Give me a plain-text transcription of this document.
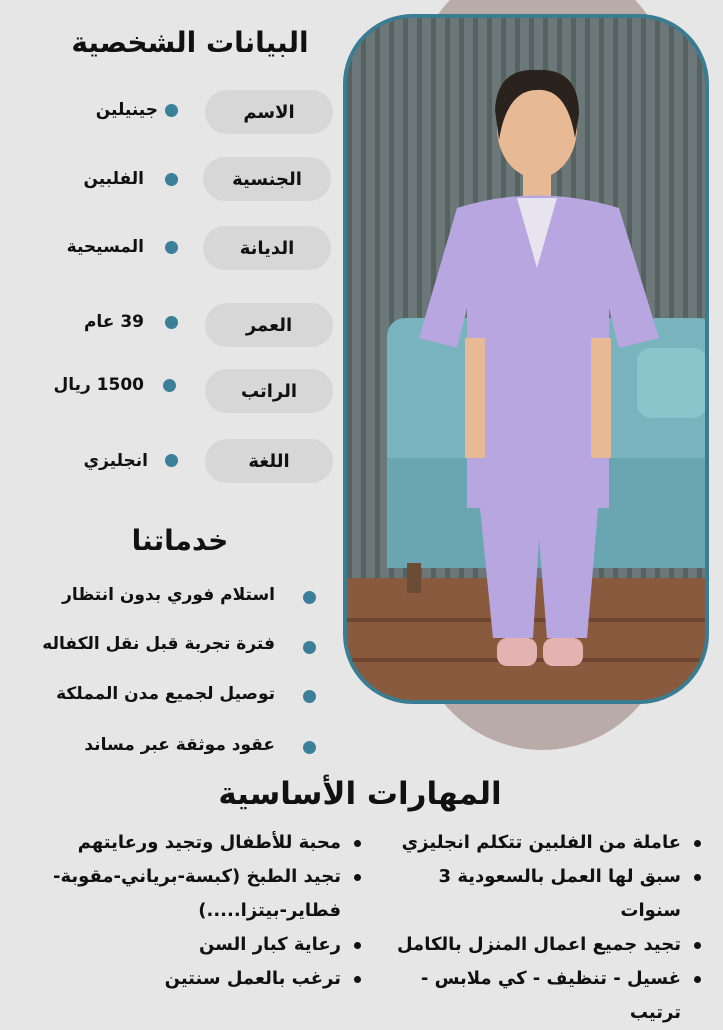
البيانات الشخصية
الاسم
جينيلين
الجنسية
الفلبين
الديانة
المسيحية
العمر
39 عام
الراتب
1500 ريال
اللغة
انجليزي
خدماتنا
استلام فوري بدون انتظار
فترة تجربة قبل نقل الكفاله
توصيل لجميع مدن المملكة
عقود موثقة عبر مساند
المهارات الأساسية
عاملة من الفلبين تتكلم انجليزي
سبق لها العمل بالسعودية 3 سنوات
تجيد جميع اعمال المنزل بالكامل
غسيل - تنظيف - كي ملابس - ترتيب
محبة للأطفال وتجيد ورعايتهم
تجيد الطبخ (كبسة-برياني-مقوبة-فطاير-بيتزا.....)
رعاية كبار السن
ترغب بالعمل سنتين
